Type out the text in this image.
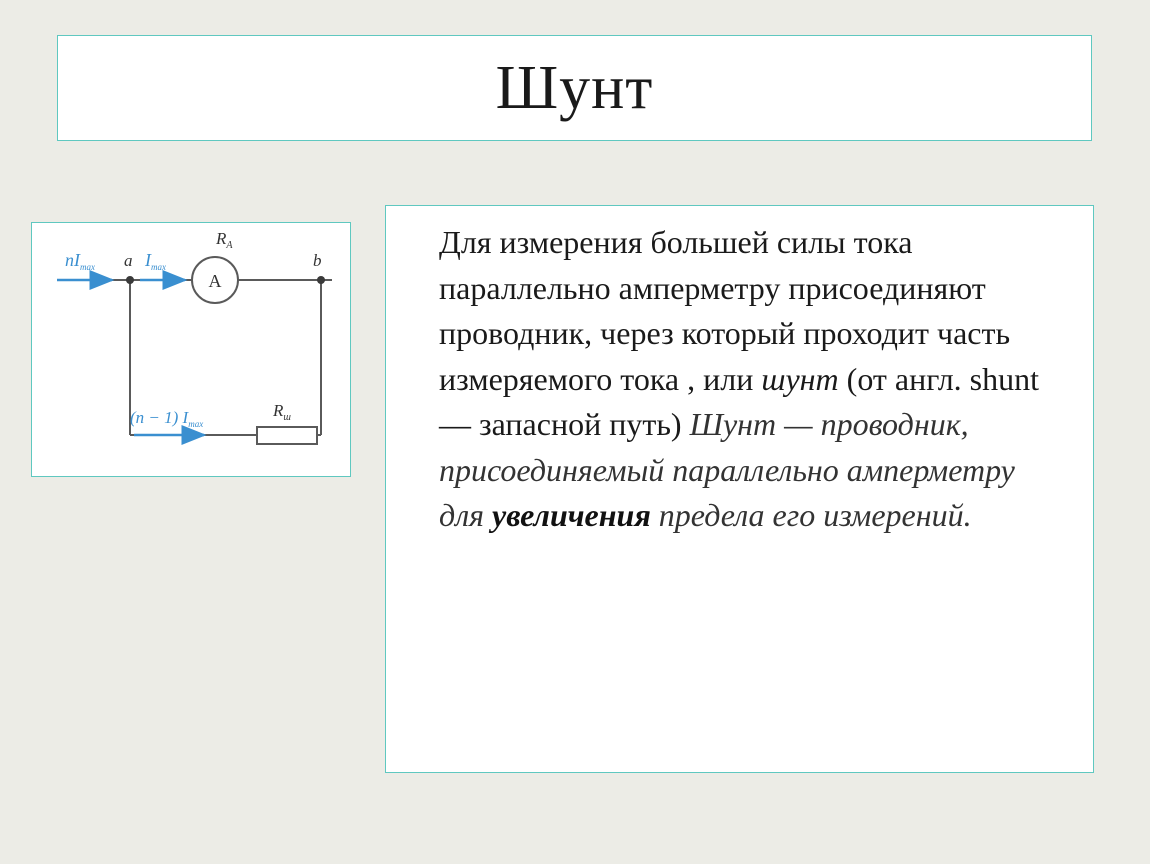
Шунт
A
$nI_{max}$ a $I_{max}$
$R_A$
b
(n − 1) $I_{max}$
$R_ш$

Для измерения большей силы тока параллельно амперметру присоединяют проводник, через который проходит часть измеряемого тока , или шунт (от англ. shunt — запасной путь) Шунт — проводник, присоединяемый параллельно амперметру для увеличения предела его измерений.
